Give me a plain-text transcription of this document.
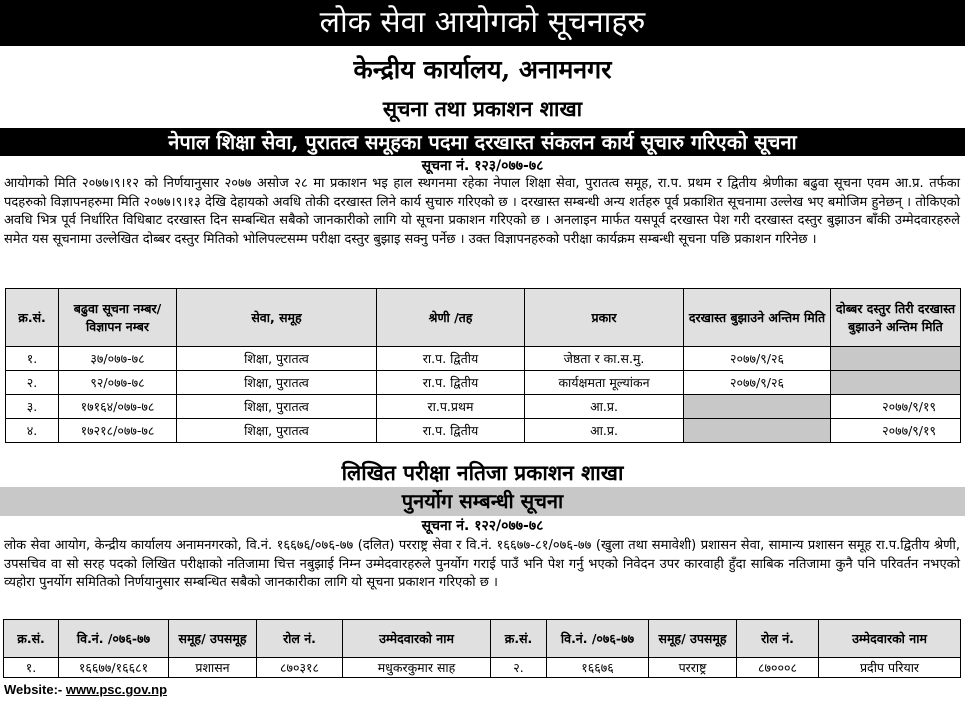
लोक सेवा आयोगको सूचनाहरु
केन्द्रीय कार्यालय, अनामनगर
सूचना तथा प्रकाशन शाखा
नेपाल शिक्षा सेवा, पुरातत्व समूहका पदमा दरखास्त संकलन कार्य सूचारु गरिएको सूचना
सूचना नं. १२३/०७७-७८

आयोगको मिति २०७७।९।१२ को निर्णयानुसार २०७७ असोज २८ मा प्रकाशन भइ हाल स्थगनमा रहेका नेपाल शिक्षा सेवा, पुरातत्व समूह, रा.प. प्रथम र द्वितीय श्रेणीका बढुवा सूचना एवम आ.प्र. तर्फका पदहरुको विज्ञापनहरुमा मिति २०७७।९।१३ देखि देहायको अवधि तोकी दरखास्त लिने कार्य सुचारु गरिएको छ । दरखास्त सम्बन्धी अन्य शर्तहरु पूर्व प्रकाशित सूचनामा उल्लेख भए बमोजिम हुनेछन् । तोकिएको अवधि भित्र पूर्व निर्धारित विधिबाट दरखास्त दिन सम्बन्धित सबैको जानकारीको लागि यो सूचना प्रकाशन गरिएको छ । अनलाइन मार्फत यसपूर्व दरखास्त पेश गरी दरखास्त दस्तुर बुझाउन बाँकी उम्मेदवारहरुले समेत यस सूचनामा उल्लेखित दोब्बर दस्तुर मितिको भोलिपल्टसम्म परीक्षा दस्तुर बुझाइ सक्नु पर्नेछ । उक्त विज्ञापनहरुको परीक्षा कार्यक्रम सम्बन्धी सूचना पछि प्रकाशन गरिनेछ ।

क्र.सं.	बढुवा सूचना नम्बर/ विज्ञापन नम्बर	सेवा, समूह	श्रेणी /तह	प्रकार	दरखास्त बुझाउने अन्तिम मिति	दोब्बर दस्तुर तिरी दरखास्त बुझाउने अन्तिम मिति
१.	३७/०७७-७८	शिक्षा, पुरातत्व	रा.प. द्वितीय	जेष्ठता र का.स.मु.	२०७७/९/२६	
२.	९२/०७७-७८	शिक्षा, पुरातत्व	रा.प. द्वितीय	कार्यक्षमता मूल्यांकन	२०७७/९/२६	
३.	१७१६४/०७७-७८	शिक्षा, पुरातत्व	रा.प.प्रथम	आ.प्र.		२०७७/९/१९
४.	१७२१८/०७७-७८	शिक्षा, पुरातत्व	रा.प. द्वितीय	आ.प्र.		२०७७/९/१९
लिखित परीक्षा नतिजा प्रकाशन शाखा
पुनर्योग सम्बन्धी सूचना
सूचना नं. १२२/०७७-७८

लोक सेवा आयोग, केन्द्रीय कार्यालय अनामनगरको, वि.नं. १६६७६/०७६-७७ (दलित) परराष्ट्र सेवा र वि.नं. १६६७७-८१/०७६-७७ (खुला तथा समावेशी) प्रशासन सेवा, सामान्य प्रशासन समूह रा.प.द्वितीय श्रेणी, उपसचिव वा सो सरह पदको लिखित परीक्षाको नतिजामा चित्त नबुझाई निम्न उम्मेदवारहरुले पुनर्योग गराई पाउँ भनि पेश गर्नु भएको निवेदन उपर कारवाही हुँदा साबिक नतिजामा कुनै पनि परिवर्तन नभएको व्यहोरा पुनर्योग समितिको निर्णयानुसार सम्बन्धित सबैको जानकारीका लागि यो सूचना प्रकाशन गरिएको छ ।

क्र.सं.	वि.नं. /०७६-७७	समूह/ उपसमूह	रोल नं.	उम्मेदवारको नाम	क्र.सं.	वि.नं. /०७६-७७	समूह/ उपसमूह	रोल नं.	उम्मेदवारको नाम
१.	१६६७७/१६६८१	प्रशासन	८७०३१८	मधुकरकुमार साह	२.	१६६७६	परराष्ट्र	८७०००८	प्रदीप परियार
Website:- www.psc.gov.np
